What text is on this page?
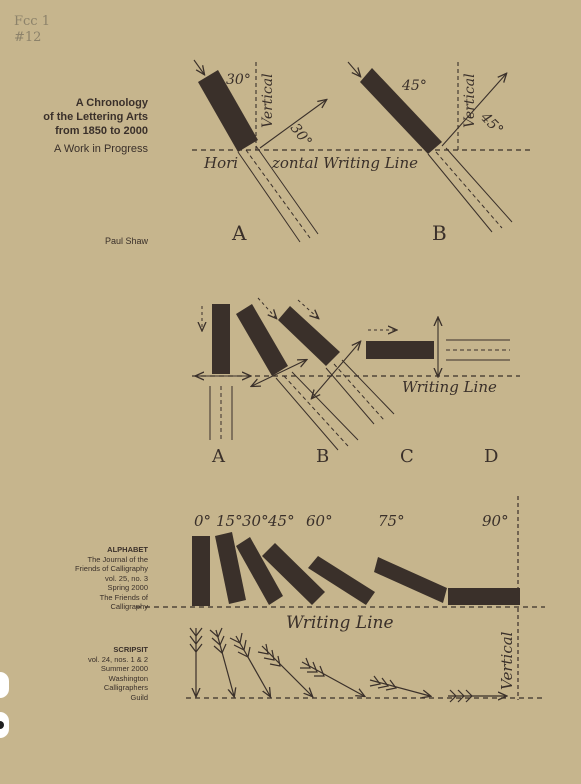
Fcc 1
#12
A Chronology
of the Lettering Arts
from 1850 to 2000
A Work in Progress
Paul Shaw
ALPHABET
The Journal of the
Friends of Calligraphy
vol. 25, no. 3
Spring 2000
The Friends of
Calligraphy
SCRIPSIT
vol. 24, nos. 1 & 2
Summer 2000
Washington
Calligraphers
Guild
30° Vertical
30°
Hori zontal Writing Line
A
45°	Vertical 45°
B
Writing Line
A	B	C	D
0° 15° 30° 45° 60°	75°	90°
Writing Line
Vertical
